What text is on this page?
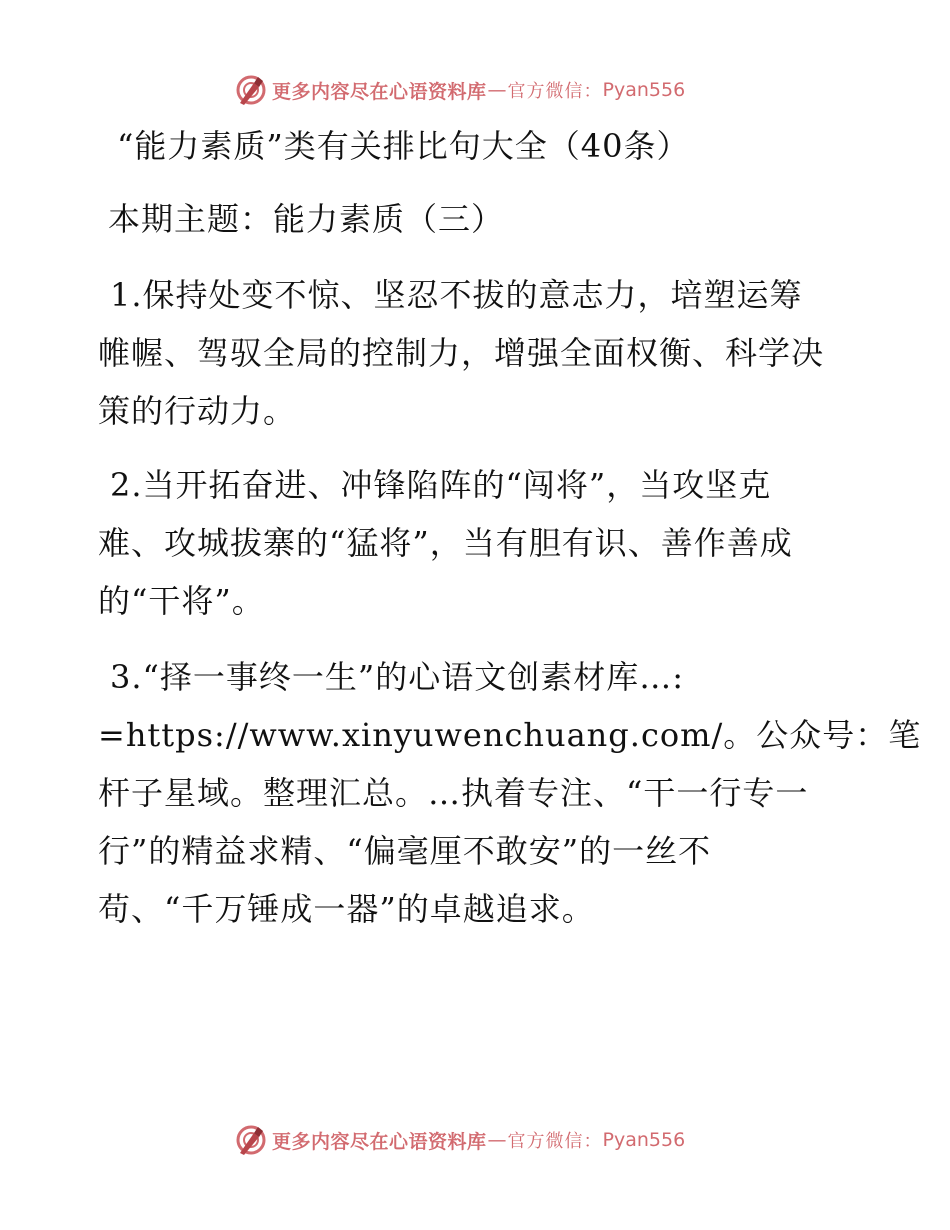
更多内容尽在心语资料库 — 官方微信： Pyan556

“能力素质”类有关排比句大全（40条）

本期主题：能力素质（三）

1.保持处变不惊、坚忍不拔的意志力，培塑运筹
帷幄、驾驭全局的控制力，增强全面权衡、科学决
策的行动力。
2.当开拓奋进、冲锋陷阵的“闯将”，当攻坚克
难、攻城拔寨的“猛将”，当有胆有识、善作善成
的“干将”。
3.“择一事终一生”的心语文创素材库…:
=https://www.xinyuwenchuang.com/。公众号：笔
杆子星域。整理汇总。…执着专注、“干一行专一
行”的精益求精、“偏毫厘不敢安”的一丝不
苟、“千万锤成一器”的卓越追求。
更多内容尽在心语资料库 — 官方微信： Pyan556
